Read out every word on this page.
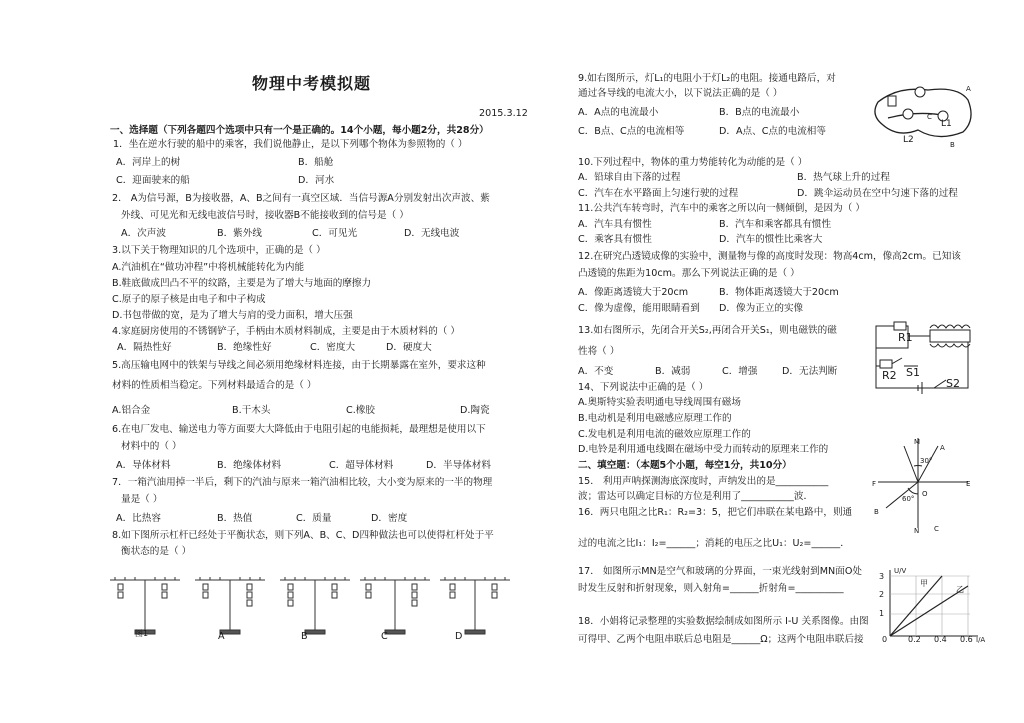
物理中考模拟题
2015.3.12
一、选择题（下列各题四个选项中只有一个是正确的。14个小题，每小题2分，共28分）
1．坐在逆水行驶的船中的乘客，我们说他静止，是以下列哪个物体为参照物的（ ）
A．河岸上的树	B．船舱
C．迎面驶来的船	D．河水
2． A为信号源，B为接收器，A、B之间有一真空区域．当信号源A分别发射出次声波、紫
外线、可见光和无线电波信号时，接收器B不能接收到的信号是（ ）
A．次声波	B．紫外线	C．可见光	D．无线电波
3.以下关于物理知识的几个选项中，正确的是（ ）
A.汽油机在“做功冲程”中将机械能转化为内能
B.鞋底做成凹凸不平的纹路，主要是为了增大与地面的摩擦力
C.原子的原子核是由电子和中子构成
D.书包带做的宽，是为了增大与肩的受力面积，增大压强
4.家庭厨房使用的不锈钢铲子，手柄由木质材料制成，主要是由于木质材料的（ ）
A．隔热性好	B．绝缘性好	C．密度大	D．硬度大
5.高压输电网中的铁架与导线之间必须用绝缘材料连接，由于长期暴露在室外，要求这种
材料的性质相当稳定。下列材料最适合的是（ ）
A.铝合金	B.干木头	C.橡胶	D.陶瓷
6.在电厂发电、输送电力等方面要大大降低由于电阻引起的电能损耗，最理想是使用以下
材料中的（ ）
A．导体材料	B．绝缘体材料	C．超导体材料	D．半导体材料
7．一箱汽油用掉一半后，剩下的汽油与原来一箱汽油相比较，大小变为原来的一半的物理
量是（ ）
A．比热容	B．热值	C．质量	D．密度
8.如下图所示杠杆已经处于平衡状态，则下列A、B、C、D四种做法也可以使得杠杆处于平
衡状态的是（ ）
图1	A	B	C	D
9.如右图所示，灯L₁的电阻小于灯L₂的电阻。接通电路后，对
通过各导线的电流大小，以下说法正确的是（ ）
A．A点的电流最小	B．B点的电流最小
C．B点、C点的电流相等	D．A点、C点的电流相等
A
B
C
L1
L2
10.下列过程中，物体的重力势能转化为动能的是（ ）
A．铅球自由下落的过程	B．热气球上升的过程
C．汽车在水平路面上匀速行驶的过程	D．跳伞运动员在空中匀速下落的过程
11.公共汽车转弯时，汽车中的乘客之所以向一侧倾倒，是因为（ ）
A．汽车具有惯性	B．汽车和乘客都具有惯性
C．乘客具有惯性	D．汽车的惯性比乘客大
12.在研究凸透镜成像的实验中，测量物与像的高度时发现：物高4cm，像高2cm。已知该
凸透镜的焦距为10cm。那么下列说法正确的是（ ）
A．像距离透镜大于20cm	B．物体距离透镜大于20cm
C．像为虚像，能用眼睛看到 D．像为正立的实像
13.如右图所示，先闭合开关S₂,再闭合开关S₁，则电磁铁的磁
性将（ ）
A．不变	B．减弱	C．增强	D．无法判断
R1
R2 S1
S2
14、下列说法中正确的是（ ）
A.奥斯特实验表明通电导线周围有磁场
B.电动机是利用电磁感应原理工作的
C.发电机是利用电流的磁效应原理工作的
D.电铃是利用通电线圈在磁场中受力而转动的原理来工作的
二、填空题：（本题5个小题，每空1分，共10分）
15． 利用声呐探测海底深度时，声纳发出的是___________
波；雷达可以确定目标的方位是利用了___________波．
16．两只电阻之比R₁：R₂=3：5，把它们串联在某电路中，则通
过的电流之比I₁：I₂=______；消耗的电压之比U₁：U₂=______．
17． 如图所示MN是空气和玻璃的分界面，一束光线射到MN面O处
时发生反射和折射现象，则入射角=______折射角=__________
18．小娟将记录整理的实验数据绘制成如图所示 I-U 关系图像。由图
可得甲、乙两个电阻串联后总电阻是______Ω；这两个电阻串联后接
M
N
E
F
O
A
B
C
30°
60°
U/V
I/A
甲
乙
3
2
1
0	0.2 0.4 0.6
